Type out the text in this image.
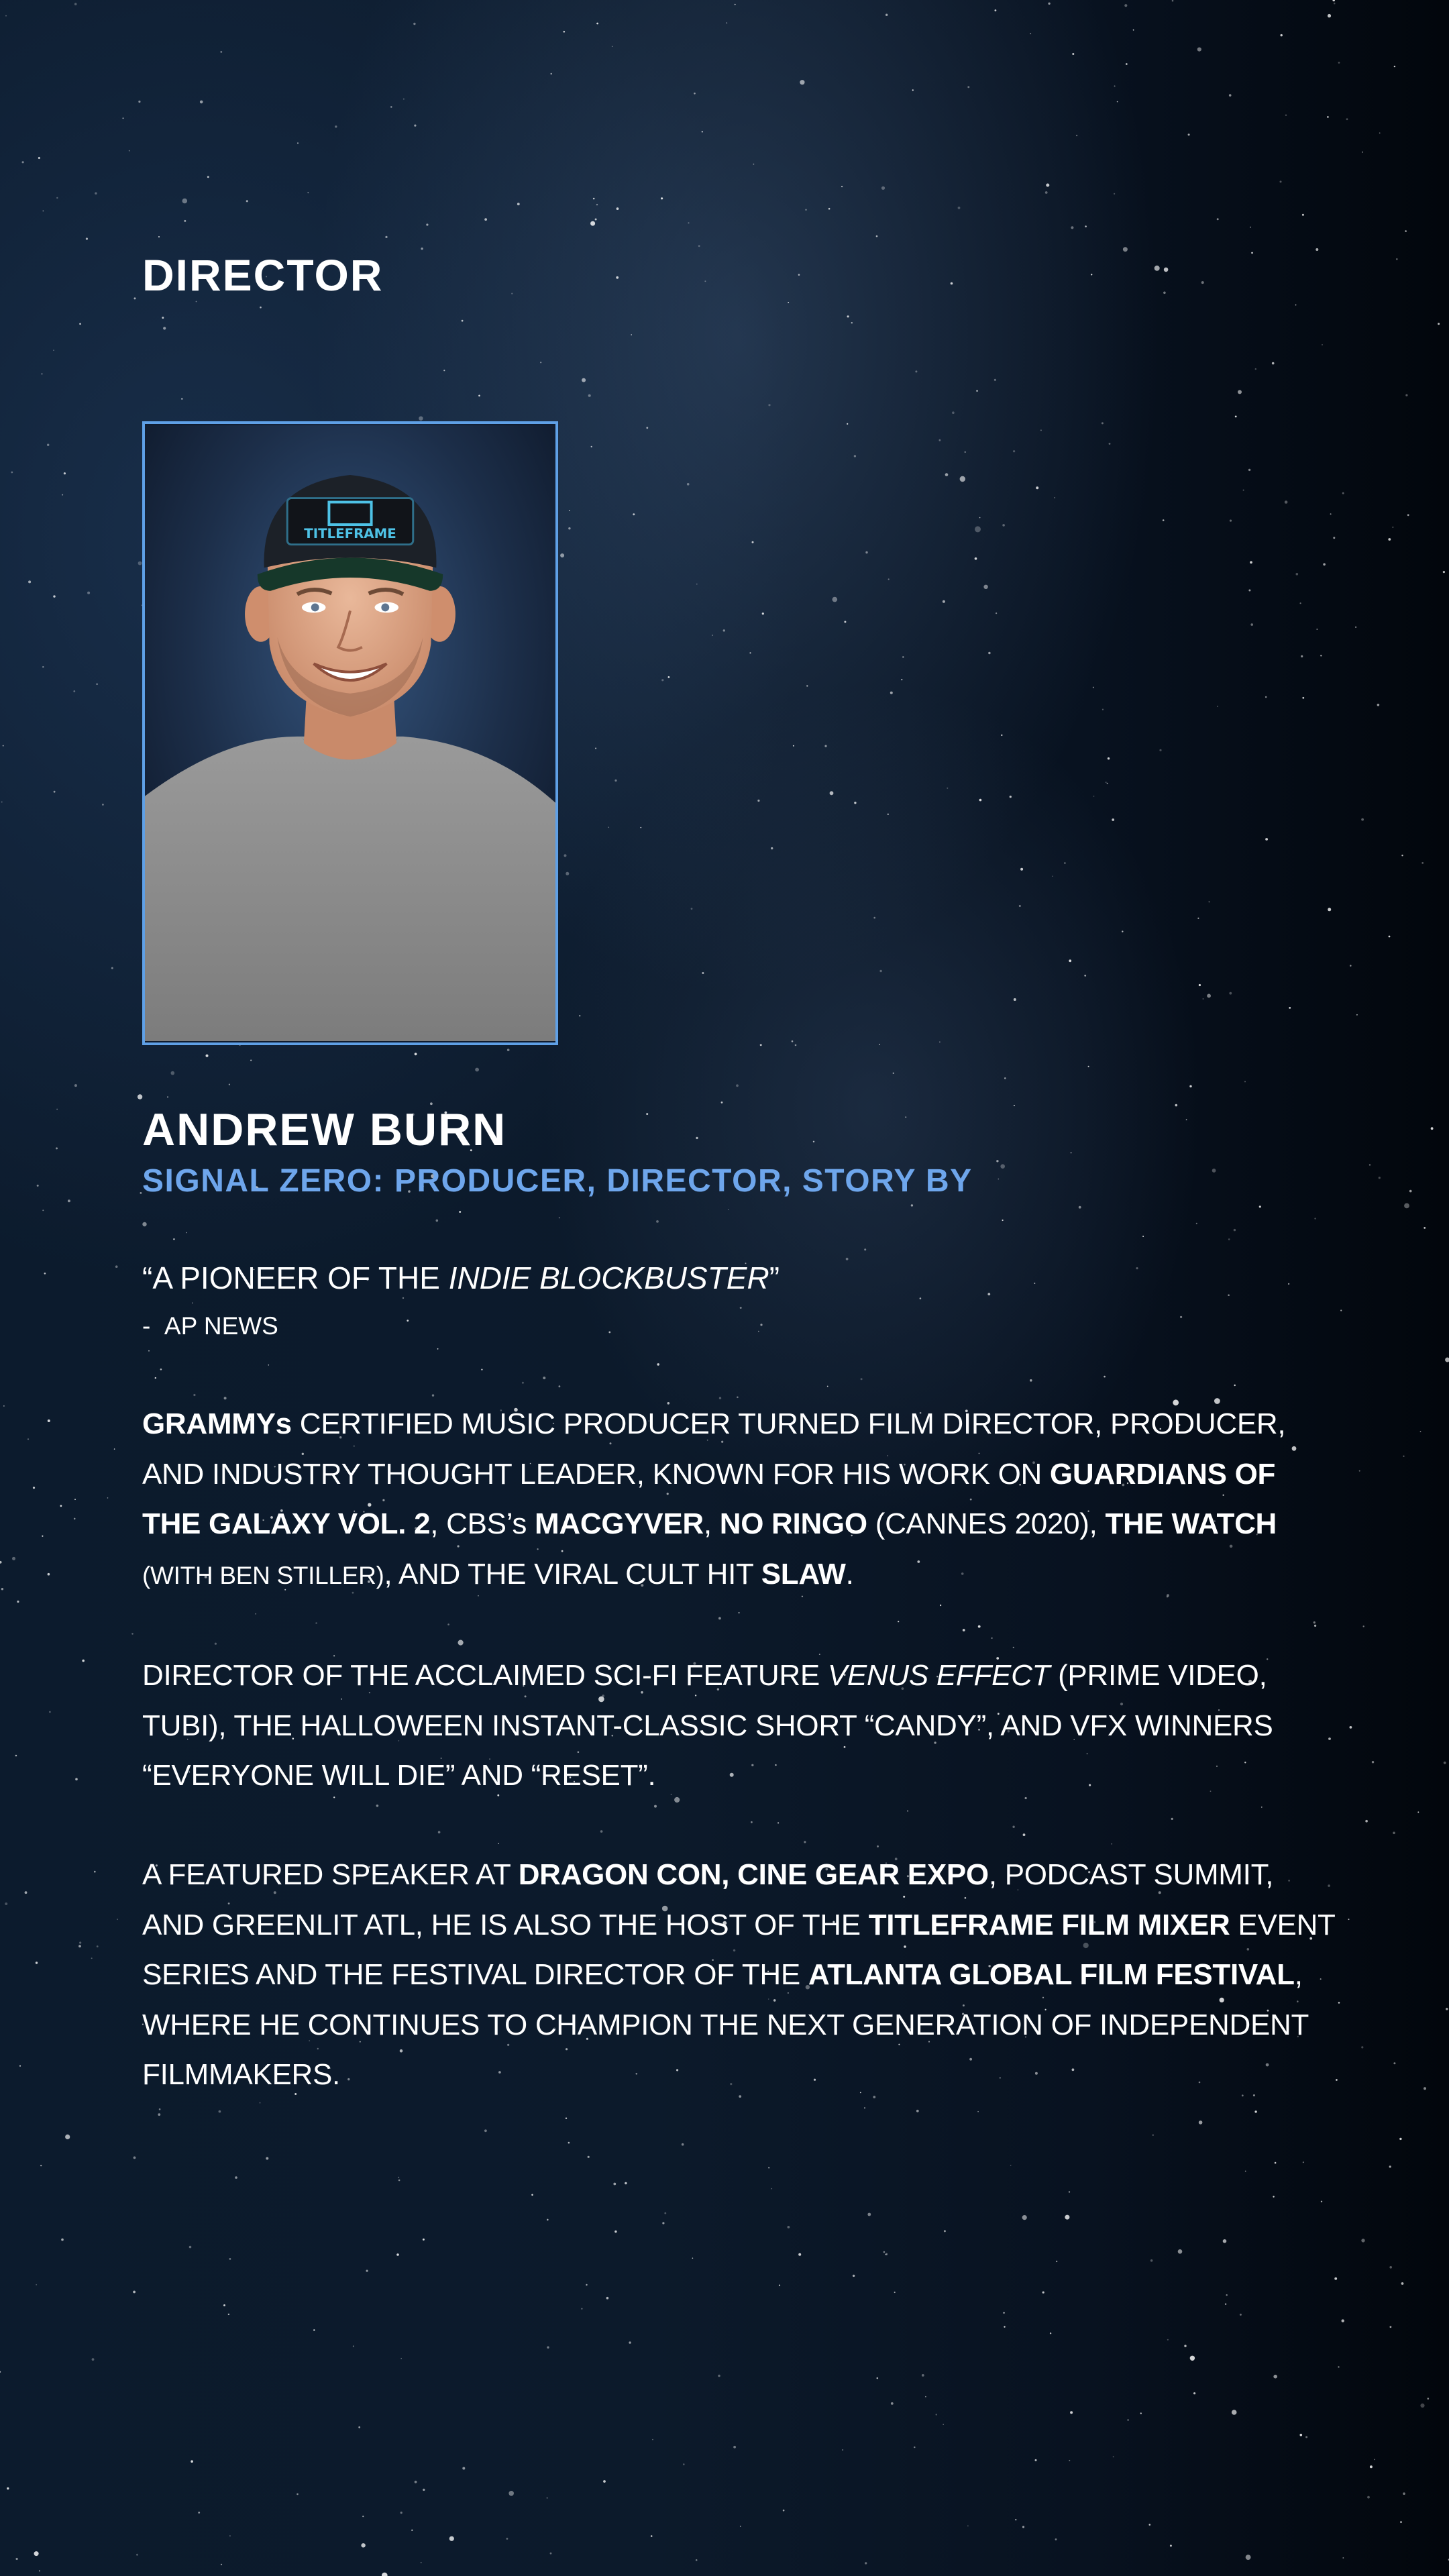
DIRECTOR
TITLEFRAME
ANDREW BURN
SIGNAL ZERO: PRODUCER, DIRECTOR, STORY BY
“A PIONEER OF THE INDIE BLOCKBUSTER”
- AP NEWS
GRAMMYs CERTIFIED MUSIC PRODUCER TURNED FILM DIRECTOR, PRODUCER, AND INDUSTRY THOUGHT LEADER, KNOWN FOR HIS WORK ON GUARDIANS OF THE GALAXY VOL. 2, CBS’s MACGYVER, NO RINGO (CANNES 2020), THE WATCH (WITH BEN STILLER), AND THE VIRAL CULT HIT SLAW.
DIRECTOR OF THE ACCLAIMED SCI-FI FEATURE VENUS EFFECT (PRIME VIDEO, TUBI), THE HALLOWEEN INSTANT-CLASSIC SHORT “CANDY”, AND VFX WINNERS “EVERYONE WILL DIE” AND “RESET”.
A FEATURED SPEAKER AT DRAGON CON, CINE GEAR EXPO, PODCAST SUMMIT, AND GREENLIT ATL, HE IS ALSO THE HOST OF THE TITLEFRAME FILM MIXER EVENT SERIES AND THE FESTIVAL DIRECTOR OF THE ATLANTA GLOBAL FILM FESTIVAL, WHERE HE CONTINUES TO CHAMPION THE NEXT GENERATION OF INDEPENDENT FILMMAKERS.
